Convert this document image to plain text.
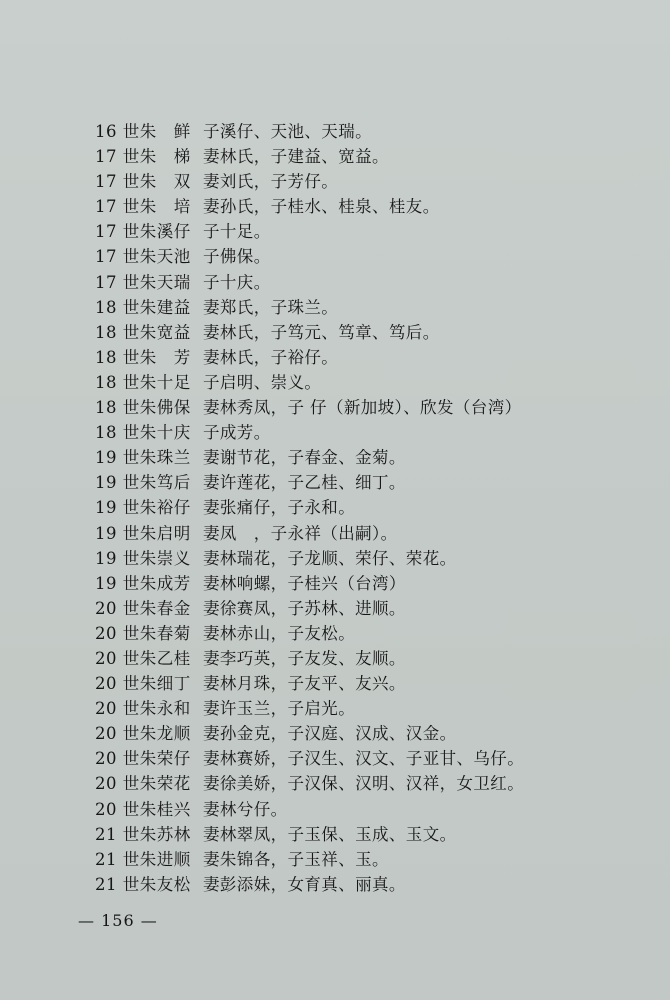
16 世朱　鲜 子溪仔、天池、天瑞。
17 世朱　梯 妻林氏，子建益、宽益。
17 世朱　双 妻刘氏，子芳仔。
17 世朱　培 妻孙氏，子桂水、桂泉、桂友。
17 世朱溪仔 子十足。
17 世朱天池 子佛保。
17 世朱天瑞 子十庆。
18 世朱建益 妻郑氏，子珠兰。
18 世朱宽益 妻林氏，子笃元、笃章、笃后。
18 世朱　芳 妻林氏，子裕仔。
18 世朱十足 子启明、崇义。
18 世朱佛保 妻林秀凤，子 仔（新加坡）、欣发（台湾）
18 世朱十庆 子成芳。
19 世朱珠兰 妻谢节花，子春金、金菊。
19 世朱笃后 妻许莲花，子乙桂、细丁。
19 世朱裕仔 妻张痛仔，子永和。
19 世朱启明 妻凤　，子永祥（出嗣）。
19 世朱崇义 妻林瑞花，子龙顺、荣仔、荣花。
19 世朱成芳 妻林响螺，子桂兴（台湾）
20 世朱春金 妻徐赛凤，子苏林、进顺。
20 世朱春菊 妻林赤山，子友松。
20 世朱乙桂 妻李巧英，子友发、友顺。
20 世朱细丁 妻林月珠，子友平、友兴。
20 世朱永和 妻许玉兰，子启光。
20 世朱龙顺 妻孙金克，子汉庭、汉成、汉金。
20 世朱荣仔 妻林赛娇，子汉生、汉文、子亚甘、乌仔。
20 世朱荣花 妻徐美娇，子汉保、汉明、汉祥，女卫红。
20 世朱桂兴 妻林兮仔。
21 世朱苏林 妻林翠凤，子玉保、玉成、玉文。
21 世朱进顺 妻朱锦各，子玉祥、玉。
21 世朱友松 妻彭添妹，女育真、丽真。
— 156 —
